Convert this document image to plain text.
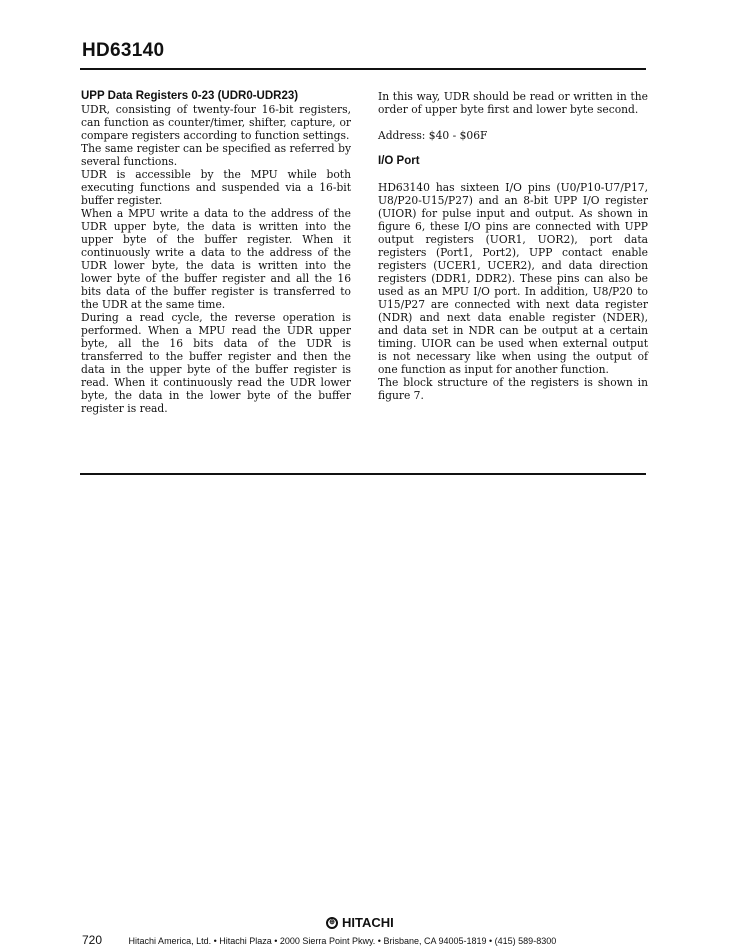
HD63140
UPP Data Registers 0-23 (UDR0-UDR23)

UDR, consisting of twenty-four 16-bit registers, can function as counter/timer, shifter, capture, or compare registers according to function settings.

The same register can be specified as referred by several functions.

UDR is accessible by the MPU while both executing functions and suspended via a 16-bit buffer register.

When a MPU write a data to the address of the UDR upper byte, the data is written into the upper byte of the buffer register. When it continuously write a data to the address of the UDR lower byte, the data is written into the lower byte of the buffer register and all the 16 bits data of the buffer register is transferred to the UDR at the same time.

During a read cycle, the reverse operation is performed. When a MPU read the UDR upper byte, all the 16 bits data of the UDR is transferred to the buffer register and then the data in the upper byte of the buffer register is read. When it continuously read the UDR lower byte, the data in the lower byte of the buffer register is read.

In this way, UDR should be read or written in the order of upper byte first and lower byte second.

Address: $40 - $06F

I/O Port

HD63140 has sixteen I/O pins (U0/P10-U7/P17, U8/P20-U15/P27) and an 8-bit UPP I/O register (UIOR) for pulse input and output. As shown in figure 6, these I/O pins are connected with UPP output registers (UOR1, UOR2), port data registers (Port1, Port2), UPP contact enable registers (UCER1, UCER2), and data direction registers (DDR1, DDR2). These pins can also be used as an MPU I/O port. In addition, U8/P20 to U15/P27 are connected with next data register (NDR) and next data enable register (NDER), and data set in NDR can be output at a certain timing. UIOR can be used when external output is not necessary like when using the output of one function as input for another function.

The block structure of the registers is shown in figure 7.

⊕ HITACHI
720	Hitachi America, Ltd. • Hitachi Plaza • 2000 Sierra Point Pkwy. • Brisbane, CA 94005-1819 • (415) 589-8300
